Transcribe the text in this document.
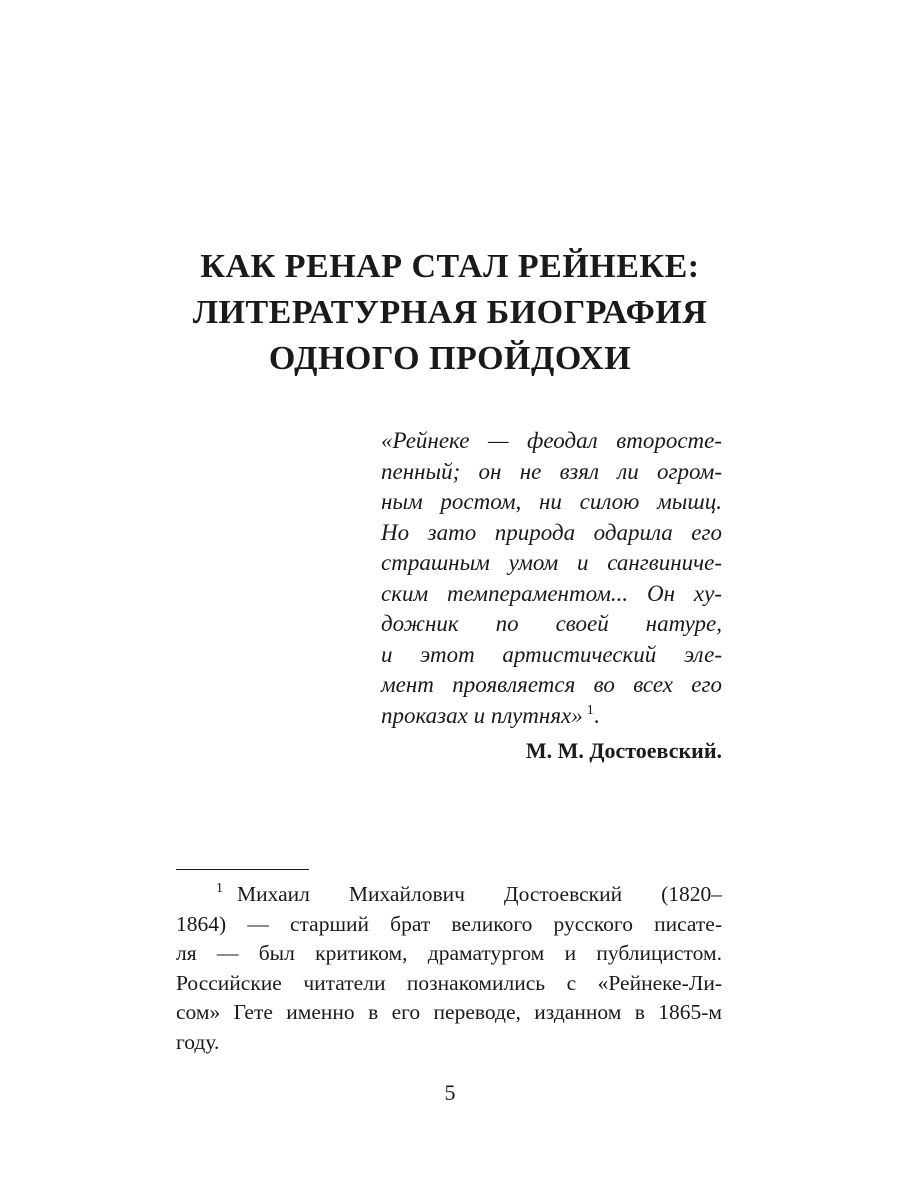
КАК РЕНАР СТАЛ РЕЙНЕКЕ:
ЛИТЕРАТУРНАЯ БИОГРАФИЯ
ОДНОГО ПРОЙДОХИ
«Рейнеке — феодал второсте-
пенный; он не взял ли огром-
ным ростом, ни силою мышц.
Но зато природа одарила его
страшным умом и сангвиниче-
ским темпераментом... Он ху-
дожник по своей натуре,
и этот артистический эле-
мент проявляется во всех его
проказах и плутнях» $^1$.
М. М. Достоевский.
$^1$ Михаил Михайлович Достоевский (1820–
1864) — старший брат великого русского писате-
ля — был критиком, драматургом и публицистом.
Российские читатели познакомились с «Рейнеке-Ли-
сом» Гете именно в его переводе, изданном в 1865-м
году.
5
